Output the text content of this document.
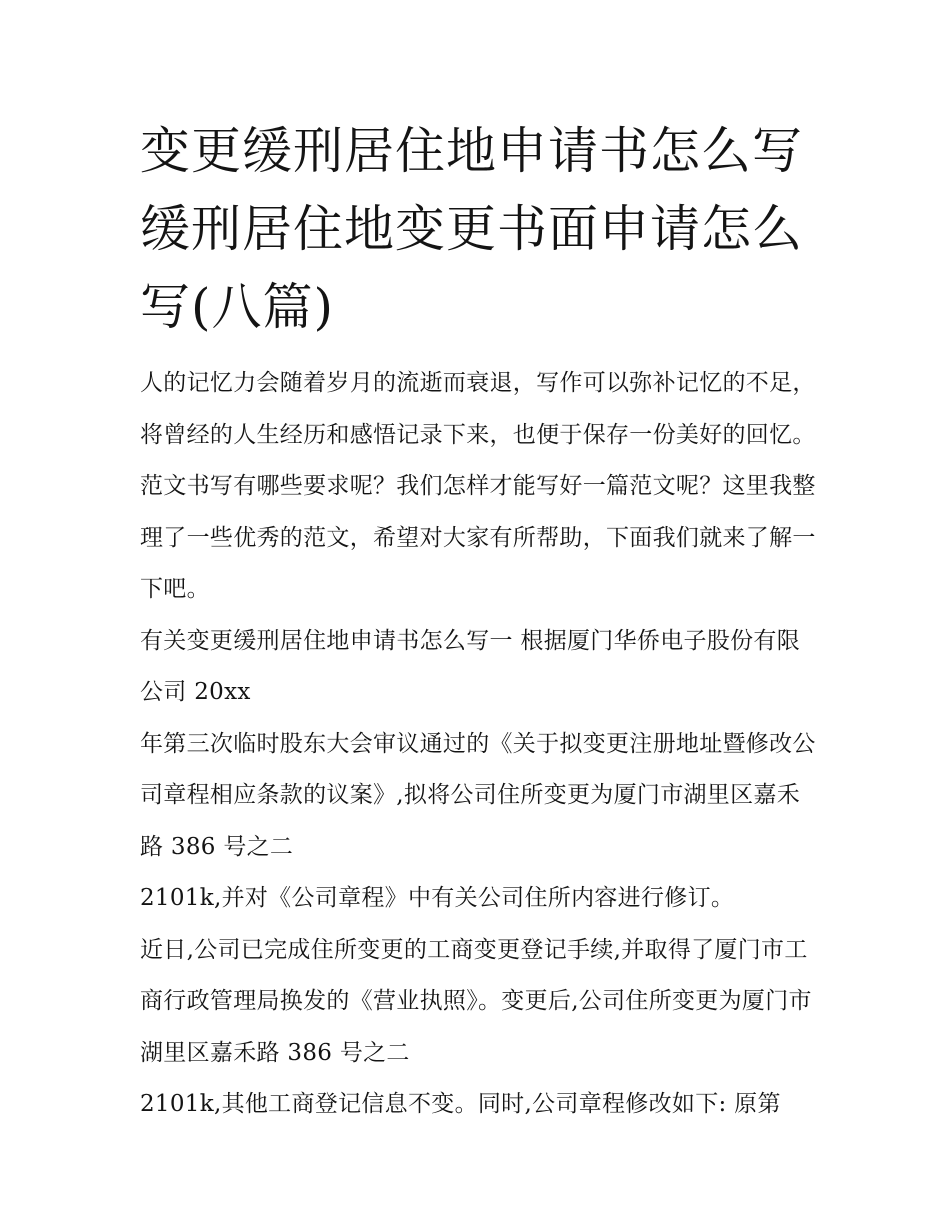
变更缓刑居住地申请书怎么写
缓刑居住地变更书面申请怎么
写(八篇)

人的记忆力会随着岁月的流逝而衰退，写作可以弥补记忆的不足，将曾经的人生经历和感悟记录下来，也便于保存一份美好的回忆。范文书写有哪些要求呢？我们怎样才能写好一篇范文呢？这里我整理了一些优秀的范文，希望对大家有所帮助，下面我们就来了解一下吧。

有关变更缓刑居住地申请书怎么写一 根据厦门华侨电子股份有限公司 20xx

年第三次临时股东大会审议通过的《关于拟变更注册地址暨修改公司章程相应条款的议案》,拟将公司住所变更为厦门市湖里区嘉禾路 386 号之二

2101k,并对《公司章程》中有关公司住所内容进行修订。

近日,公司已完成住所变更的工商变更登记手续,并取得了厦门市工商行政管理局换发的《营业执照》。变更后,公司住所变更为厦门市湖里区嘉禾路 386 号之二

2101k,其他工商登记信息不变。同时,公司章程修改如下: 原第
